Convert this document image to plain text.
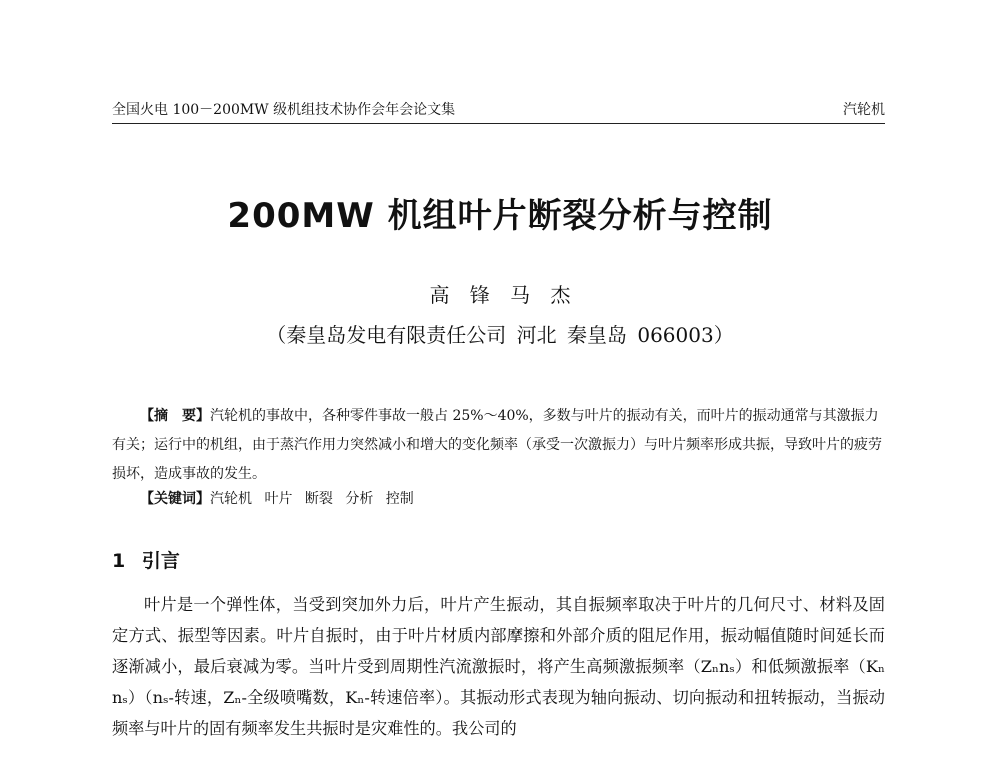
全国火电 100－200MW 级机组技术协作会年会论文集	汽轮机
200MW 机组叶片断裂分析与控制
高 锋 马 杰
（秦皇岛发电有限责任公司 河北 秦皇岛 066003）
【摘　要】汽轮机的事故中，各种零件事故一般占 25%～40%，多数与叶片的振动有关，而叶片的振动通常与其激振力有关；运行中的机组，由于蒸汽作用力突然减小和增大的变化频率（承受一次激振力）与叶片频率形成共振，导致叶片的疲劳损坏，造成事故的发生。
【关键词】汽轮机 叶片 断裂 分析 控制
1 引言
叶片是一个弹性体，当受到突加外力后，叶片产生振动，其自振频率取决于叶片的几何尺寸、材料及固定方式、振型等因素。叶片自振时，由于叶片材质内部摩擦和外部介质的阻尼作用，振动幅值随时间延长而逐渐减小，最后衰减为零。当叶片受到周期性汽流激振时，将产生高频激振频率（Zₙnₛ）和低频激振率（Kₙ nₛ）（nₛ-转速，Zₙ-全级喷嘴数，Kₙ-转速倍率）。其振动形式表现为轴向振动、切向振动和扭转振动，当振动频率与叶片的固有频率发生共振时是灾难性的。我公司的
